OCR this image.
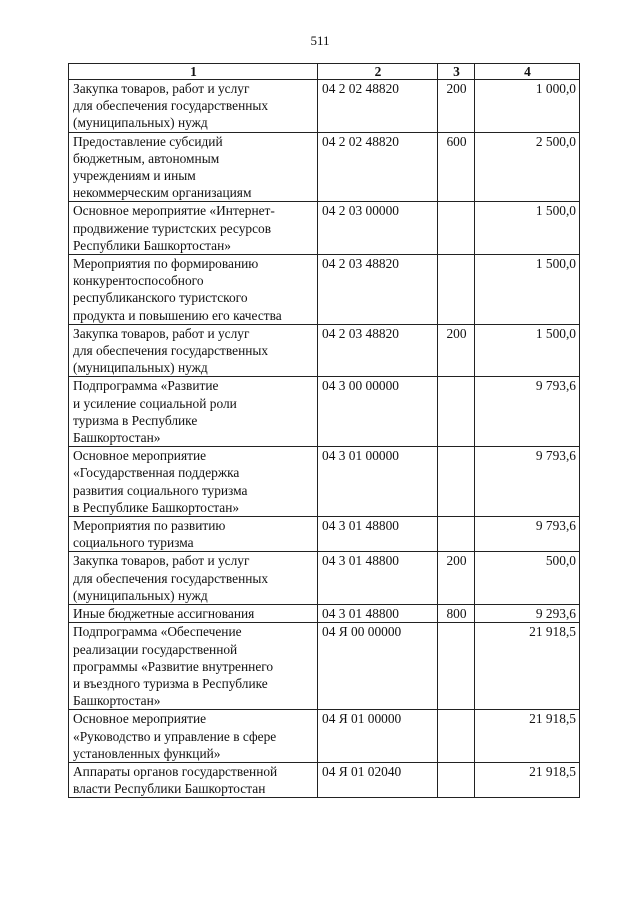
511
1	2	3	4

Закупка товаров, работ и услуг
для обеспечения государственных
(муниципальных) нужд	04 2 02 48820	200	1 000,0

Предоставление субсидий
бюджетным, автономным
учреждениям и иным
некоммерческим организациям	04 2 02 48820	600	2 500,0

Основное мероприятие «Интернет-
продвижение туристских ресурсов
Республики Башкортостан»	04 2 03 00000		1 500,0

Мероприятия по формированию
конкурентоспособного
республиканского туристского
продукта и повышению его качества	04 2 03 48820		1 500,0

Закупка товаров, работ и услуг
для обеспечения государственных
(муниципальных) нужд	04 2 03 48820	200	1 500,0

Подпрограмма «Развитие
и усиление социальной роли
туризма в Республике
Башкортостан»	04 3 00 00000		9 793,6

Основное мероприятие
«Государственная поддержка
развития социального туризма
в Республике Башкортостан»	04 3 01 00000		9 793,6

Мероприятия по развитию
социального туризма	04 3 01 48800		9 793,6

Закупка товаров, работ и услуг
для обеспечения государственных
(муниципальных) нужд	04 3 01 48800	200	500,0

Иные бюджетные ассигнования	04 3 01 48800	800	9 293,6

Подпрограмма «Обеспечение
реализации государственной
программы «Развитие внутреннего
и въездного туризма в Республике
Башкортостан»	04 Я 00 00000		21 918,5

Основное мероприятие
«Руководство и управление в сфере
установленных функций»	04 Я 01 00000		21 918,5

Аппараты органов государственной
власти Республики Башкортостан	04 Я 01 02040		21 918,5
